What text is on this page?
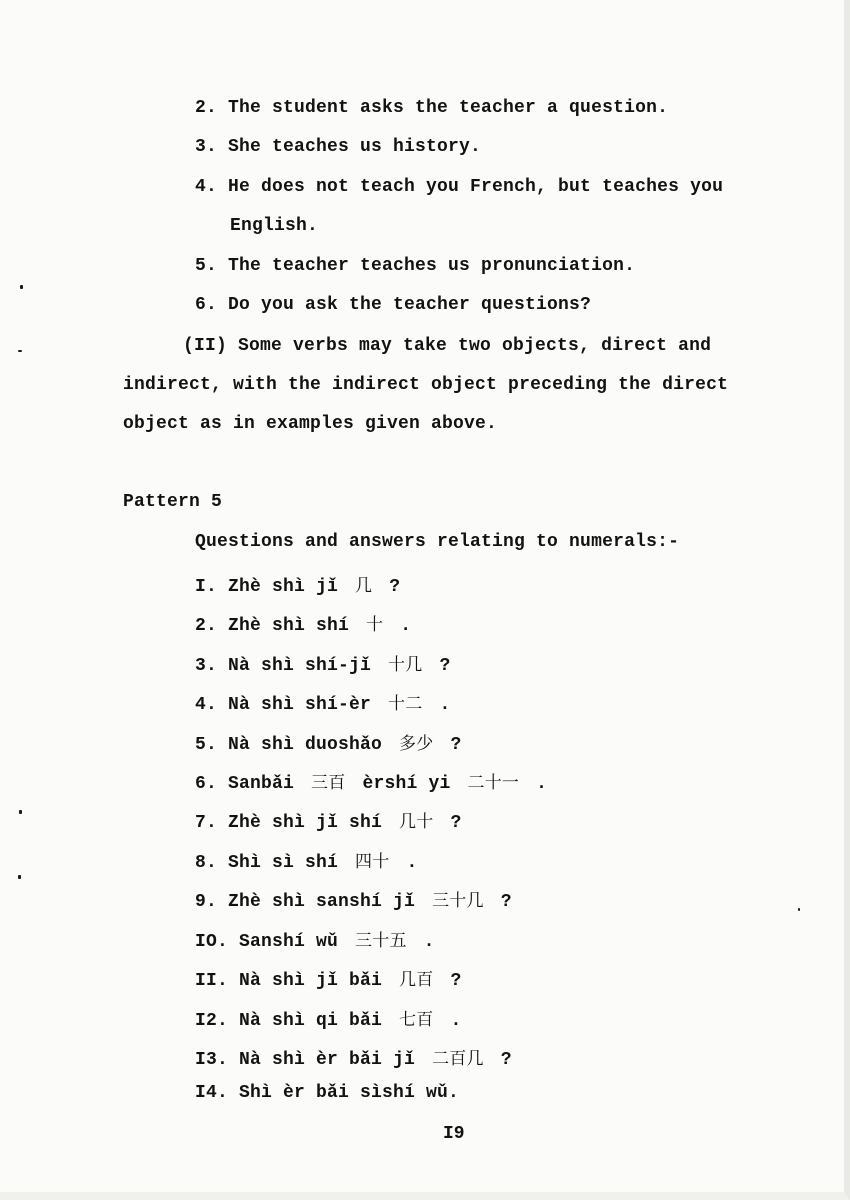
2. The student asks the teacher a question.
3. She teaches us history.
4. He does not teach you French, but teaches you
English.
5. The teacher teaches us pronunciation.
6. Do you ask the teacher questions?
(II) Some verbs may take two objects, direct and
indirect, with the indirect object preceding the direct
object as in examples given above.
Pattern 5
Questions and answers relating to numerals:-
I. Zhè shì jǐ 几 ?
2. Zhè shì shí 十 .
3. Nà shì shí-jǐ 十几 ?
4. Nà shì shí-èr 十二 .
5. Nà shì duoshǎo 多少 ?
6. Sanbǎi 三百 èrshí yi 二十一 .
7. Zhè shì jǐ shí 几十 ?
8. Shì sì shí 四十 .
9. Zhè shì sanshí jǐ 三十几 ?
IO. Sanshí wǔ 三十五 .
II. Nà shì jǐ bǎi 几百 ?
I2. Nà shì qi bǎi 七百 .
I3. Nà shì èr bǎi jǐ 二百几 ?
I4. Shì èr bǎi sìshí wǔ.
I9
